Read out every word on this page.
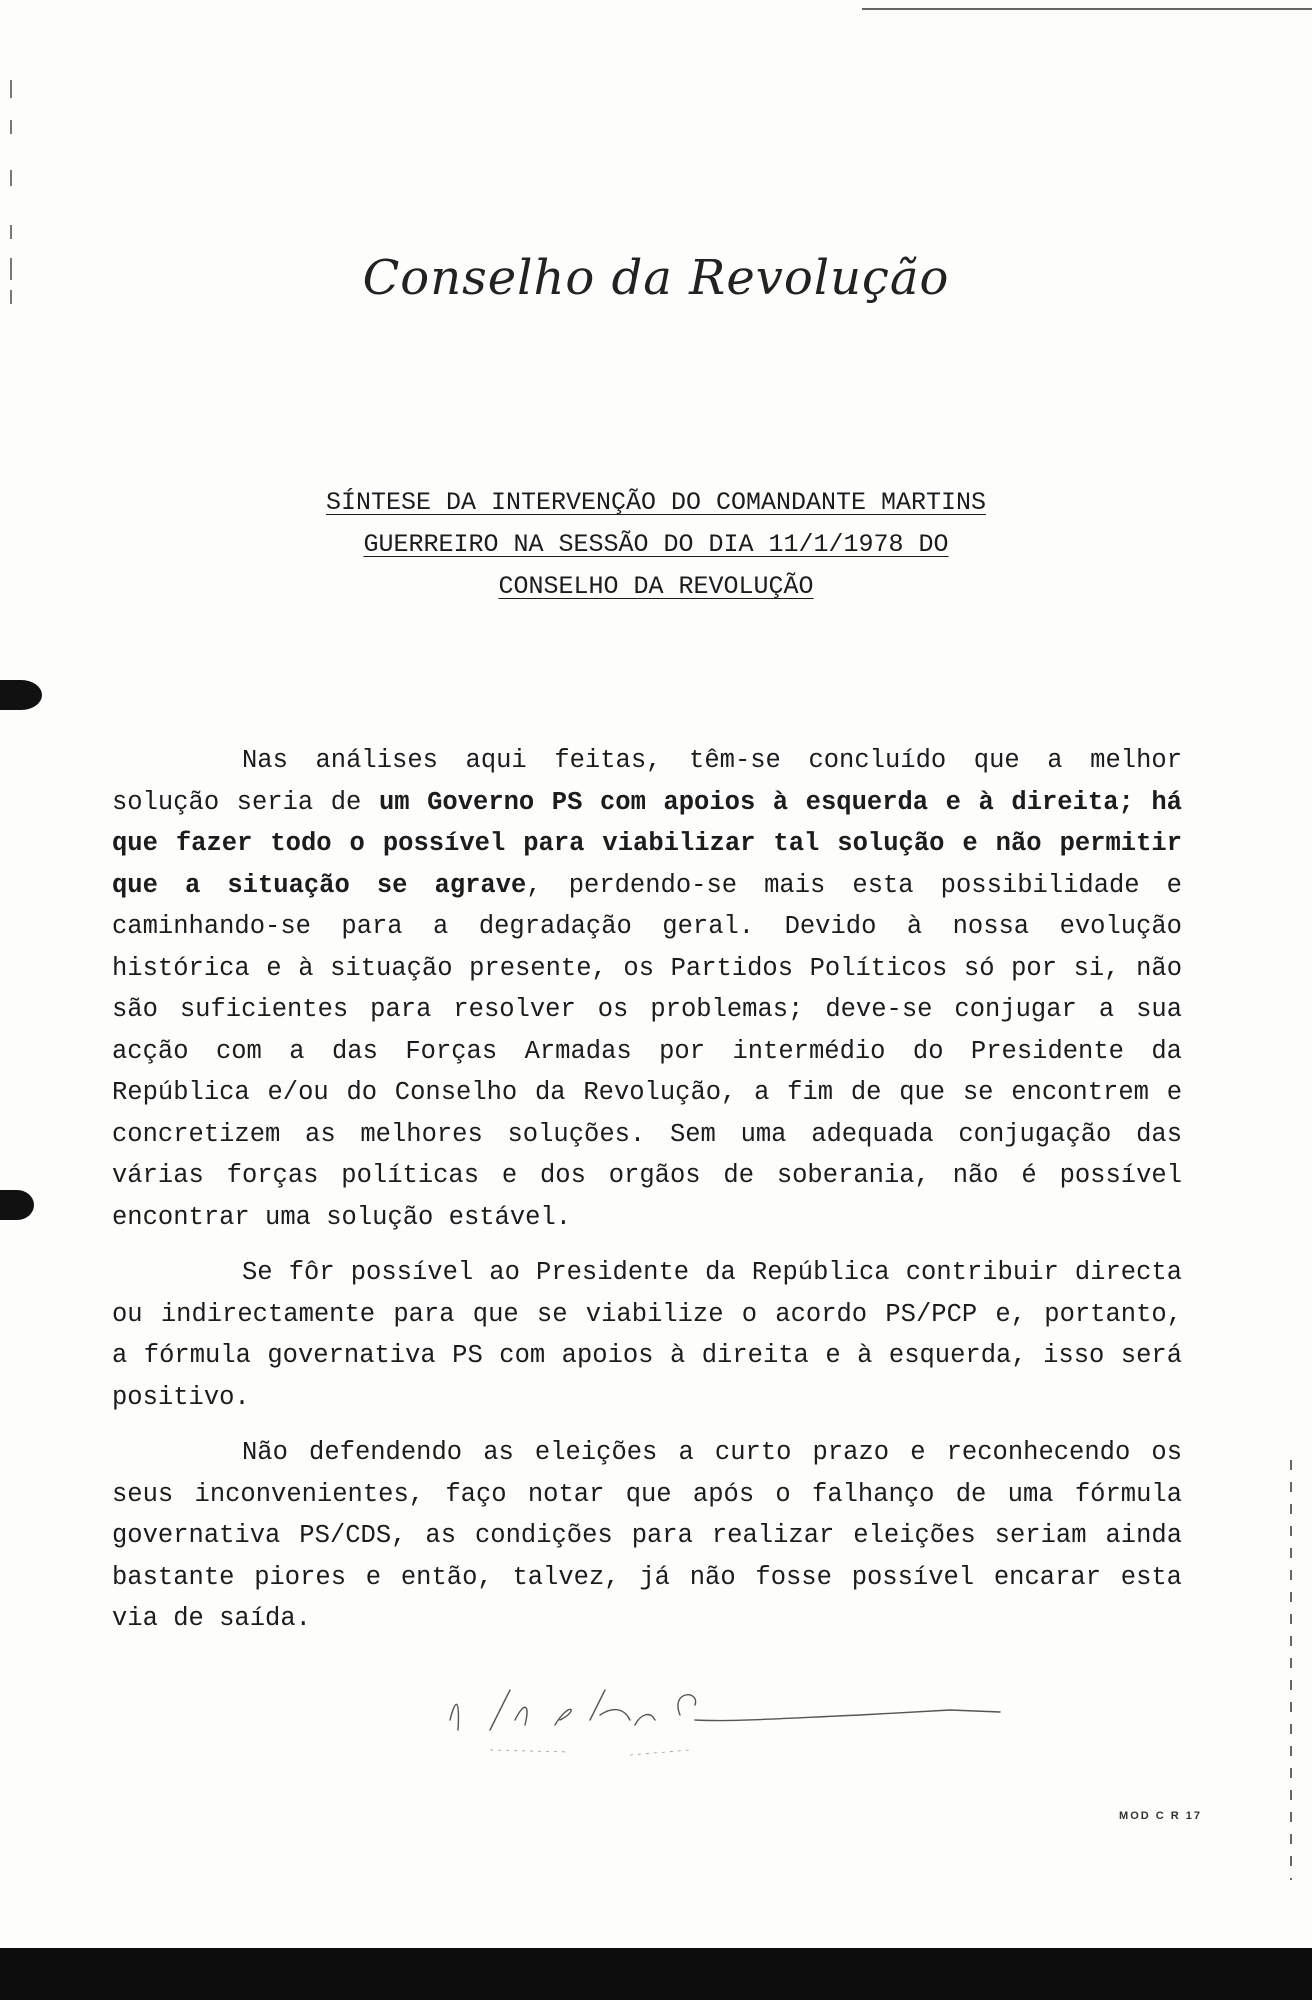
Conselho da Revolução
SÍNTESE DA INTERVENÇÃO DO COMANDANTE MARTINS
GUERREIRO NA SESSÃO DO DIA 11/1/1978 DO
CONSELHO DA REVOLUÇÃO

Nas análises aqui feitas, têm-se concluído que a melhor solução seria de um Governo PS com apoios à esquerda e à direita; há que fazer todo o possível para viabilizar tal solução e não permitir que a situação se agrave, perdendo-se mais esta possibilidade e caminhando-se para a degradação geral. Devido à nossa evolução histórica e à situação presente, os Partidos Políticos só por si, não são suficientes para resolver os problemas; deve-se conjugar a sua acção com a das Forças Armadas por intermédio do Presidente da República e/ou do Conselho da Revolução, a fim de que se encontrem e concretizem as melhores soluções. Sem uma adequada conjugação das várias forças políticas e dos orgãos de soberania, não é possível encontrar uma solução estável.

Se fôr possível ao Presidente da República contribuir directa ou indirectamente para que se viabilize o acordo PS/PCP e, portanto, a fórmula governativa PS com apoios à direita e à esquerda, isso será positivo.

Não defendendo as eleições a curto prazo e reconhecendo os seus inconvenientes, faço notar que após o falhanço de uma fórmula governativa PS/CDS, as condições para realizar eleições seriam ainda bastante piores e então, talvez, já não fosse possível encarar esta via de saída.

MOD C R 17
